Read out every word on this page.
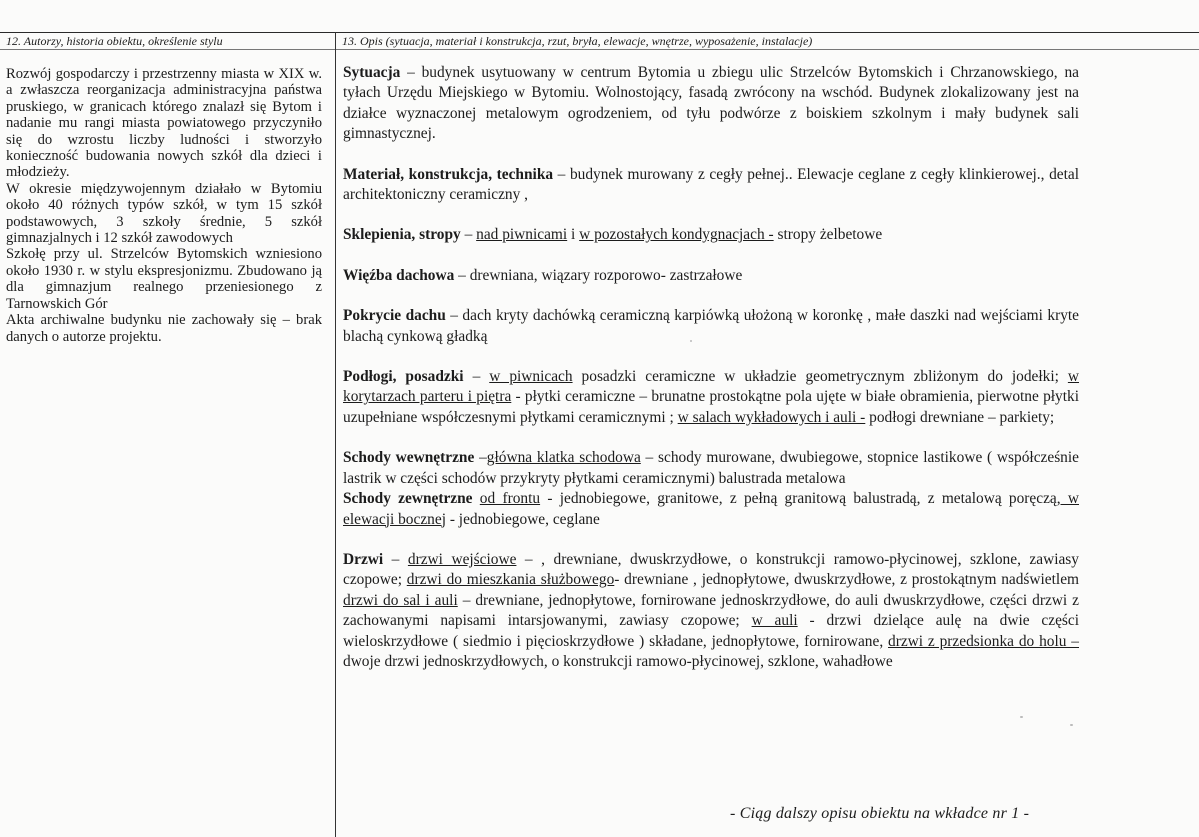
12. Autorzy, historia obiektu, określenie stylu	13. Opis (sytuacja, materiał i konstrukcja, rzut, bryła, elewacje, wnętrze, wyposażenie, instalacje)
Rozwój gospodarczy i przestrzenny miasta w XIX w. a zwłaszcza reorganizacja administracyjna państwa pruskiego, w granicach którego znalazł się Bytom i nadanie mu rangi miasta powiatowego przyczyniło się do wzrostu liczby ludności i stworzyło konieczność budowania nowych szkół dla dzieci i młodzieży.
W okresie międzywojennym działało w Bytomiu około 40 różnych typów szkół, w tym 15 szkół podstawowych, 3 szkoły średnie, 5 szkół gimnazjalnych i 12 szkół zawodowych
Szkołę przy ul. Strzelców Bytomskich wzniesiono około 1930 r. w stylu ekspresjonizmu. Zbudowano ją dla gimnazjum realnego przeniesionego z Tarnowskich Gór
Akta archiwalne budynku nie zachowały się – brak danych o autorze projektu.

Sytuacja – budynek usytuowany w centrum Bytomia u zbiegu ulic Strzelców Bytomskich i Chrzanowskiego, na tyłach Urzędu Miejskiego w Bytomiu. Wolnostojący, fasadą zwrócony na wschód. Budynek zlokalizowany jest na działce wyznaczonej metalowym ogrodzeniem, od tyłu podwórze z boiskiem szkolnym i mały budynek sali gimnastycznej.

Materiał, konstrukcja, technika – budynek murowany z cegły pełnej.. Elewacje ceglane z cegły klinkierowej., detal architektoniczny ceramiczny ,

Sklepienia, stropy – nad piwnicami i w pozostałych kondygnacjach - stropy żelbetowe

Więźba dachowa – drewniana, wiązary rozporowo- zastrzałowe

Pokrycie dachu – dach kryty dachówką ceramiczną karpiówką ułożoną w koronkę , małe daszki nad wejściami kryte blachą cynkową gładką

Podłogi, posadzki – w piwnicach posadzki ceramiczne w układzie geometrycznym zbliżonym do jodełki; w korytarzach parteru i piętra - płytki ceramiczne – brunatne prostokątne pola ujęte w białe obramienia, pierwotne płytki uzupełniane współczesnymi płytkami ceramicznymi ; w salach wykładowych i auli - podłogi drewniane – parkiety;

Schody wewnętrzne –główna klatka schodowa – schody murowane, dwubiegowe, stopnice lastikowe ( współcześnie lastrik w części schodów przykryty płytkami ceramicznymi) balustrada metalowa

Schody zewnętrzne od frontu - jednobiegowe, granitowe, z pełną granitową balustradą, z metalową poręczą, w elewacji bocznej - jednobiegowe, ceglane

Drzwi – drzwi wejściowe – , drewniane, dwuskrzydłowe, o konstrukcji ramowo-płycinowej, szklone, zawiasy czopowe; drzwi do mieszkania służbowego- drewniane , jednopłytowe, dwuskrzydłowe, z prostokątnym nadświetlem drzwi do sal i auli – drewniane, jednopłytowe, fornirowane jednoskrzydłowe, do auli dwuskrzydłowe, części drzwi z zachowanymi napisami intarsjowanymi, zawiasy czopowe; w auli - drzwi dzielące aulę na dwie części wieloskrzydłowe ( siedmio i pięcioskrzydłowe ) składane, jednopłytowe, fornirowane, drzwi z przedsionka do holu – dwoje drzwi jednoskrzydłowych, o konstrukcji ramowo-płycinowej, szklone, wahadłowe

- Ciąg dalszy opisu obiektu na wkładce nr 1 -
